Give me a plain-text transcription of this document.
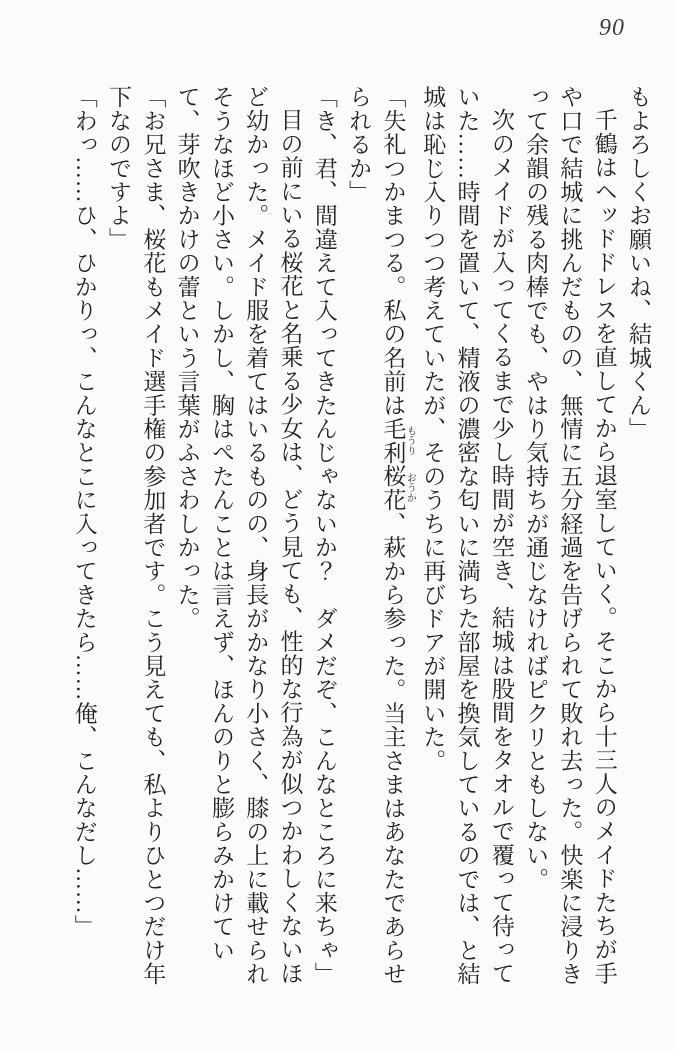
90

もよろしくお願いね、結城くん」

千鶴はヘッドドレスを直してから退室していく。そこから十三人のメイドたちが手や口で結城に挑んだものの、無情に五分経過を告げられて敗れ去った。快楽に浸りきって余韻の残る肉棒でも、やはり気持ちが通じなければピクリともしない。

次のメイドが入ってくるまで少し時間が空き、結城は股間をタオルで覆って待っていた……時間を置いて、精液の濃密な匂いに満ちた部屋を換気しているのでは、と結城は恥じ入りつつ考えていたが、そのうちに再びドアが開いた。

「失礼つかまつる。私の名前は毛利 もうり桜花 おうか、萩から参った。当主さまはあなたであらせられるか」

「き、君、間違えて入ってきたんじゃないか？　ダメだぞ、こんなところに来ちゃ」

目の前にいる桜花と名乗る少女は、どう見ても、性的な行為が似つかわしくないほど幼かった。メイド服を着てはいるものの、身長がかなり小さく、膝の上に載せられそうなほど小さい。しかし、胸はぺたんことは言えず、ほんのりと膨らみかけていて、芽吹きかけの蕾という言葉がふさわしかった。

「お兄さま、桜花もメイド選手権の参加者です。こう見えても、私よりひとつだけ年下なのですよ」

「わっ……ひ、ひかりっ、こんなとこに入ってきたら……俺、こんなだし……」
